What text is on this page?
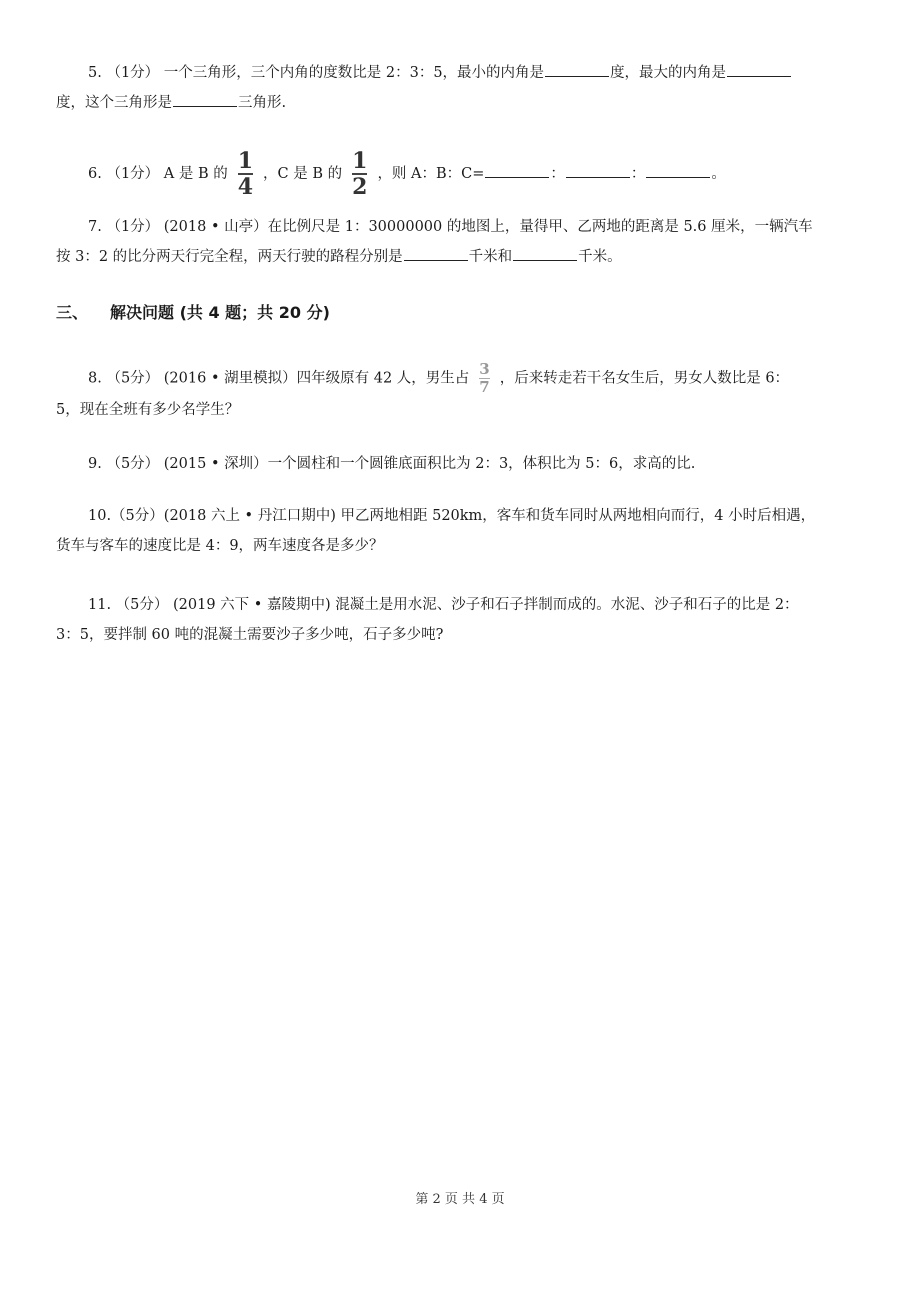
5. （1分） 一个三角形，三个内角的度数比是 2：3：5，最小的内角是	度，最大的内角是
度，这个三角形是	三角形.
6. （1分） A 是 B 的 $\frac{1}{4}$ ，C 是 B 的 $\frac{1}{2}$ ，则 A：B：C=	：	：	。
7. （1分） (2018 • 山亭）在比例尺是 1：30000000 的地图上，量得甲、乙两地的距离是 5.6 厘米，一辆汽车
按 3：2 的比分两天行完全程，两天行驶的路程分别是	千米和	千米。
三、 解决问题 (共 4 题；共 20 分)
8. （5分） (2016 • 湖里模拟）四年级原有 42 人，男生占 $\frac{3}{7}$ ，后来转走若干名女生后，男女人数比是 6：
5，现在全班有多少名学生？
9. （5分） (2015 • 深圳）一个圆柱和一个圆锥底面积比为 2：3，体积比为 5：6，求高的比.
10.（5分）(2018 六上 • 丹江口期中) 甲乙两地相距 520km，客车和货车同时从两地相向而行，4 小时后相遇，
货车与客车的速度比是 4：9，两车速度各是多少？
11. （5分） (2019 六下 • 嘉陵期中) 混凝土是用水泥、沙子和石子拌制而成的。水泥、沙子和石子的比是 2：
3：5，要拌制 60 吨的混凝土需要沙子多少吨，石子多少吨?
第 2 页 共 4 页
